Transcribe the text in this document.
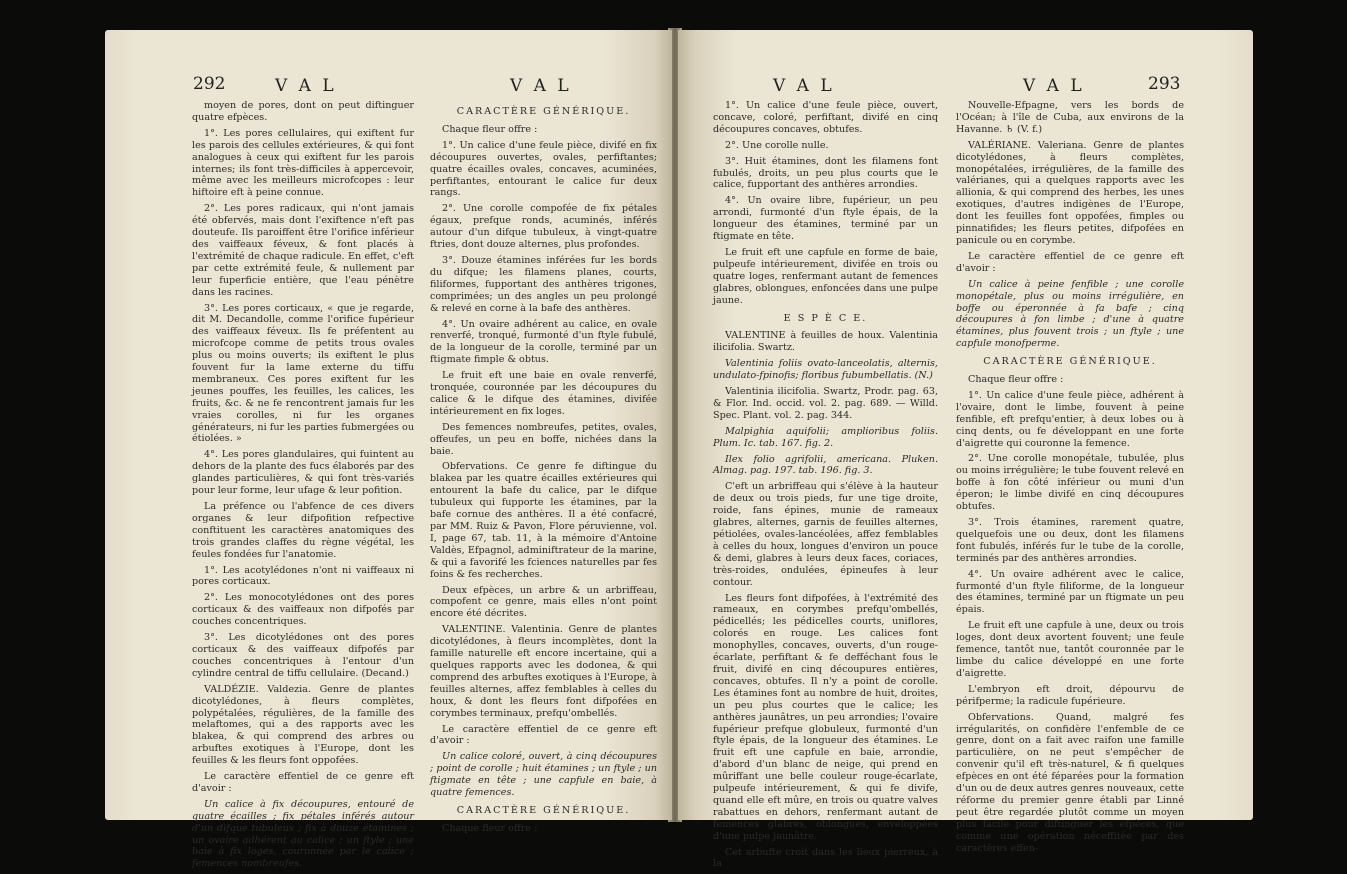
292	V A L	V A L

moyen de pores, dont on peut diftinguer quatre efpèces.

1°. Les pores cellulaires, qui exiftent fur les parois des cellules extérieures, & qui font analogues à ceux qui exiftent fur les parois internes; ils font très-difficiles à appercevoir, même avec les meilleurs microfcopes : leur hiftoire eft à peine connue.

2°. Les pores radicaux, qui n'ont jamais été obfervés, mais dont l'exiftence n'eft pas douteufe. Ils paroiffent être l'orifice inférieur des vaiffeaux féveux, & font placés à l'extrémité de chaque radicule. En effet, c'eft par cette extrémité feule, & nullement par leur fuperficie entière, que l'eau pénètre dans les racines.

3°. Les pores corticaux, « que je regarde, dit M. Decandolle, comme l'orifice fupérieur des vaiffeaux féveux. Ils fe préfentent au microfcope comme de petits trous ovales plus ou moins ouverts; ils exiftent le plus fouvent fur la lame externe du tiffu membraneux. Ces pores exiftent fur les jeunes pouffes, les feuilles, les calices, les fruits, &c. & ne fe rencontrent jamais fur les vraies corolles, ni fur les organes générateurs, ni fur les parties fubmergées ou étiolées. »

4°. Les pores glandulaires, qui fuintent au dehors de la plante des fucs élaborés par des glandes particulières, & qui font très-variés pour leur forme, leur ufage & leur pofition.

La préfence ou l'abfence de ces divers organes & leur difpofition refpective conftituent les caractères anatomiques des trois grandes claffes du règne végétal, les feules fondées fur l'anatomie.

1°. Les acotylédones n'ont ni vaiffeaux ni pores corticaux.

2°. Les monocotylédones ont des pores corticaux & des vaiffeaux non difpofés par couches concentriques.

3°. Les dicotylédones ont des pores corticaux & des vaiffeaux difpofés par couches concentriques à l'entour d'un cylindre central de tiffu cellulaire. (Decand.)

VALDÉZIE. Valdezia. Genre de plantes dicotylédones, à fleurs complètes, polypétalées, régulières, de la famille des melaftomes, qui a des rapports avec les blakea, & qui comprend des arbres ou arbuftes exotiques à l'Europe, dont les feuilles & les fleurs font oppofées.

Le caractère effentiel de ce genre eft d'avoir :

Un calice à fix découpures, entouré de quatre écailles ; fix pétales inférés autour d'un difque tubuleux ; fix à douze étamines ; un ovaire adhérent au calice ; un ftyle ; une baie à fix loges, couronnée par le calice ; femences nombreufes.

CARACTÈRE GÉNÉRIQUE.

Chaque fleur offre :

1°. Un calice d'une feule pièce, divifé en fix découpures ouvertes, ovales, perfiftantes; quatre écailles ovales, concaves, acuminées, perfiftantes, entourant le calice fur deux rangs.

2°. Une corolle compofée de fix pétales égaux, prefque ronds, acuminés, inférés autour d'un difque tubuleux, à vingt-quatre ftries, dont douze alternes, plus profondes.

3°. Douze étamines inférées fur les bords du difque; les filamens planes, courts, filiformes, fupportant des anthères trigones, comprimées; un des angles un peu prolongé & relevé en corne à la bafe des anthères.

4°. Un ovaire adhérent au calice, en ovale renverfé, tronqué, furmonté d'un ftyle fubulé, de la longueur de la corolle, terminé par un ftigmate fimple & obtus.

Le fruit eft une baie en ovale renverfé, tronquée, couronnée par les découpures du calice & le difque des étamines, divifée intérieurement en fix loges.

Des femences nombreufes, petites, ovales, offeufes, un peu en boffe, nichées dans la baie.

Obfervations. Ce genre fe diftingue du blakea par les quatre écailles extérieures qui entourent la bafe du calice, par le difque tubuleux qui fupporte les étamines, par la bafe cornue des anthères. Il a été confacré, par MM. Ruiz & Pavon, Flore péruvienne, vol. I, page 67, tab. 11, à la mémoire d'Antoine Valdès, Efpagnol, adminiftrateur de la marine, & qui a favorifé les fciences naturelles par fes foins & fes recherches.

Deux efpèces, un arbre & un arbriffeau, compofent ce genre, mais elles n'ont point encore été décrites.

VALENTINE. Valentinia. Genre de plantes dicotylédones, à fleurs incomplètes, dont la famille naturelle eft encore incertaine, qui a quelques rapports avec les dodonea, & qui comprend des arbuftes exotiques à l'Europe, à feuilles alternes, affez femblables à celles du houx, & dont les fleurs font difpofées en corymbes terminaux, prefqu'ombellés.

Le caractère effentiel de ce genre eft d'avoir :

Un calice coloré, ouvert, à cinq découpures ; point de corolle ; huit étamines ; un ftyle ; un ftigmate en tête ; une capfule en baie, à quatre femences.

CARACTÈRE GÉNÉRIQUE.

Chaque fleur offre :

V A L	V A L	293

1°. Un calice d'une feule pièce, ouvert, concave, coloré, perfiftant, divifé en cinq découpures concaves, obtufes.

2°. Une corolle nulle.

3°. Huit étamines, dont les filamens font fubulés, droits, un peu plus courts que le calice, fupportant des anthères arrondies.

4°. Un ovaire libre, fupérieur, un peu arrondi, furmonté d'un ftyle épais, de la longueur des étamines, terminé par un ftigmate en tête.

Le fruit eft une capfule en forme de baie, pulpeufe intérieurement, divifée en trois ou quatre loges, renfermant autant de femences glabres, oblongues, enfoncées dans une pulpe jaune.

E S P È C E.

VALENTINE à feuilles de houx. Valentinia ilicifolia. Swartz.

Valentinia foliis ovato-lanceolatis, alternis, undulato-fpinofis; floribus fubumbellatis. (N.)

Valentinia ilicifolia. Swartz, Prodr. pag. 63, & Flor. Ind. occid. vol. 2. pag. 689. — Willd. Spec. Plant. vol. 2. pag. 344.

Malpighia aquifolii; amplioribus foliis. Plum. Ic. tab. 167. fig. 2.

Ilex folio agrifolii, americana. Pluken. Almag. pag. 197. tab. 196. fig. 3.

C'eft un arbriffeau qui s'élève à la hauteur de deux ou trois pieds, fur une tige droite, roide, fans épines, munie de rameaux glabres, alternes, garnis de feuilles alternes, pétiolées, ovales-lancéolées, affez femblables à celles du houx, longues d'environ un pouce & demi, glabres à leurs deux faces, coriaces, très-roides, ondulées, épineufes à leur contour.

Les fleurs font difpofées, à l'extrémité des rameaux, en corymbes prefqu'ombellés, pédicellés; les pédicelles courts, uniflores, colorés en rouge. Les calices font monophylles, concaves, ouverts, d'un rouge-écarlate, perfiftant & fe defféchant fous le fruit, divifé en cinq découpures entières, concaves, obtufes. Il n'y a point de corolle. Les étamines font au nombre de huit, droites, un peu plus courtes que le calice; les anthères jaunâtres, un peu arrondies; l'ovaire fupérieur prefque globuleux, furmonté d'un ftyle épais, de la longueur des étamines. Le fruit eft une capfule en baie, arrondie, d'abord d'un blanc de neige, qui prend en mûriffant une belle couleur rouge-écarlate, pulpeufe intérieurement, & qui fe divife, quand elle eft mûre, en trois ou quatre valves rabattues en dehors, renfermant autant de femences glabres, oblongues, enveloppées d'une pulpe jaunâtre.

Cet arbufte croît dans les lieux pierreux, à la

Nouvelle-Efpagne, vers les bords de l'Océan; à l'île de Cuba, aux environs de la Havanne. ♄ (V. f.)

VALÉRIANE. Valeriana. Genre de plantes dicotylédones, à fleurs complètes, monopétalées, irrégulières, de la famille des valérianes, qui a quelques rapports avec les allionia, & qui comprend des herbes, les unes exotiques, d'autres indigènes de l'Europe, dont les feuilles font oppofées, fimples ou pinnatifides; les fleurs petites, difpofées en panicule ou en corymbe.

Le caractère effentiel de ce genre eft d'avoir :

Un calice à peine fenfible ; une corolle monopétale, plus ou moins irrégulière, en boffe ou éperonnée à fa bafe ; cinq découpures à fon limbe ; d'une à quatre étamines, plus fouvent trois ; un ftyle ; une capfule monofperme.

CARACTÈRE GÉNÉRIQUE.

Chaque fleur offre :

1°. Un calice d'une feule pièce, adhérent à l'ovaire, dont le limbe, fouvent à peine fenfible, eft prefqu'entier, à deux lobes ou à cinq dents, ou fe développant en une forte d'aigrette qui couronne la femence.

2°. Une corolle monopétale, tubulée, plus ou moins irrégulière; le tube fouvent relevé en boffe à fon côté inférieur ou muni d'un éperon; le limbe divifé en cinq découpures obtufes.

3°. Trois étamines, rarement quatre, quelquefois une ou deux, dont les filamens font fubulés, inférés fur le tube de la corolle, terminés par des anthères arrondies.

4°. Un ovaire adhérent avec le calice, furmonté d'un ftyle filiforme, de la longueur des étamines, terminé par un ftigmate un peu épais.

Le fruit eft une capfule à une, deux ou trois loges, dont deux avortent fouvent; une feule femence, tantôt nue, tantôt couronnée par le limbe du calice développé en une forte d'aigrette.

L'embryon eft droit, dépourvu de périfperme; la radicule fupérieure.

Obfervations. Quand, malgré fes irrégularités, on confidère l'enfemble de ce genre, dont on a fait avec raifon une famille particulière, on ne peut s'empêcher de convenir qu'il eft très-naturel, & fi quelques efpèces en ont été féparées pour la formation d'un ou de deux autres genres nouveaux, cette réforme du premier genre établi par Linné peut être regardée plutôt comme un moyen plus facile pour diftinguer les efpèces, que comme une opération néceffitée par des caractères effen-
